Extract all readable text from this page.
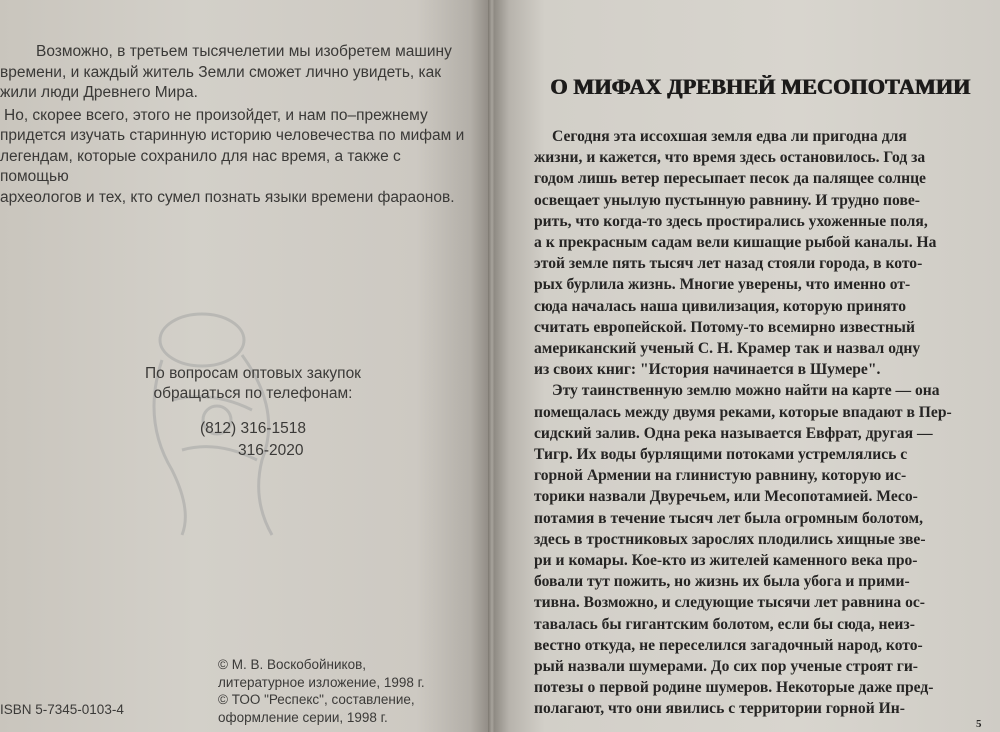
Возможно, в третьем тысячелетии мы изобретем машину

времени, и каждый житель Земли сможет лично увидеть, как

жили люди Древнего Мира.

Но, скорее всего, этого не произойдет, и нам по–прежнему

придется изучать старинную историю человечества по мифам и

легендам, которые сохранило для нас время, а также с помощью

археологов и тех, кто сумел познать языки времени фараонов.

По вопросам оптовых закупок
обращаться по телефонам:
(812) 316-1518
316-2020
© М. В. Воскобойников,
литературное изложение, 1998 г.
© ТОО "Респекс", составление,
оформление серии, 1998 г.
ISBN 5-7345-0103-4
О МИФАХ ДРЕВНЕЙ МЕСОПОТАМИИ
Сегодня эта иссохшая земля едва ли пригодна для
жизни, и кажется, что время здесь остановилось. Год за
годом лишь ветер пересыпает песок да палящее солнце
освещает унылую пустынную равнину. И трудно пове-
рить, что когда-то здесь простирались ухоженные поля,
а к прекрасным садам вели кишащие рыбой каналы. На
этой земле пять тысяч лет назад стояли города, в кото-
рых бурлила жизнь. Многие уверены, что именно от-
сюда началась наша цивилизация, которую принято
считать европейской. Потому-то всемирно известный
американский ученый С. Н. Крамер так и назвал одну
из своих книг: "История начинается в Шумере".
Эту таинственную землю можно найти на карте — она
помещалась между двумя реками, которые впадают в Пер-
сидский залив. Одна река называется Евфрат, другая —
Тигр. Их воды бурлящими потоками устремлялись с
горной Армении на глинистую равнину, которую ис-
торики назвали Двуречьем, или Месопотамией. Месо-
потамия в течение тысяч лет была огромным болотом,
здесь в тростниковых зарослях плодились хищные зве-
ри и комары. Кое-кто из жителей каменного века про-
бовали тут пожить, но жизнь их была убога и прими-
тивна. Возможно, и следующие тысячи лет равнина ос-
тавалась бы гигантским болотом, если бы сюда, неиз-
вестно откуда, не переселился загадочный народ, кото-
рый назвали шумерами. До сих пор ученые строят ги-
потезы о первой родине шумеров. Некоторые даже пред-
полагают, что они явились с территории горной Ин-
5
